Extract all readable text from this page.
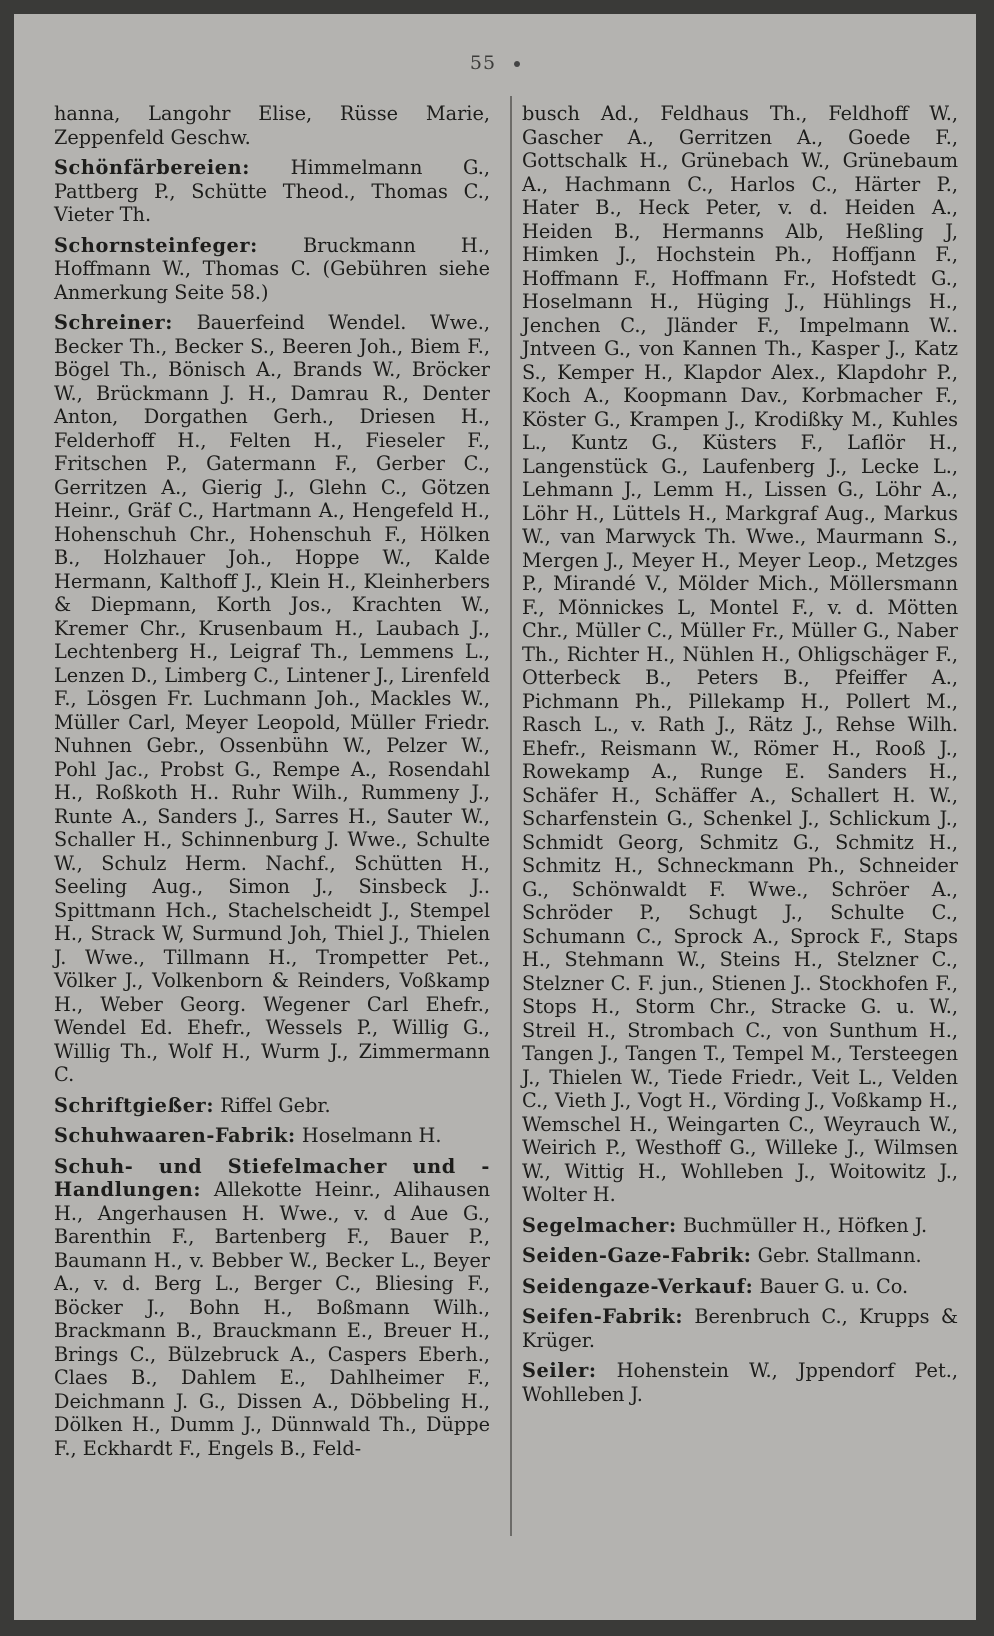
55

hanna, Langohr Elise, Rüsse Marie, Zeppenfeld Geschw.

Schönfärbereien: Himmelmann G., Pattberg P., Schütte Theod., Thomas C., Vieter Th.

Schornsteinfeger: Bruckmann H., Hoffmann W., Thomas C. (Gebühren siehe Anmerkung Seite 58.)

Schreiner: Bauerfeind Wendel. Wwe., Becker Th., Becker S., Beeren Joh., Biem F., Bögel Th., Bönisch A., Brands W., Bröcker W., Brückmann J. H., Damrau R., Denter Anton, Dorgathen Gerh., Driesen H., Felderhoff H., Felten H., Fieseler F., Fritschen P., Gatermann F., Gerber C., Gerritzen A., Gierig J., Glehn C., Götzen Heinr., Gräf C., Hartmann A., Hengefeld H., Hohenschuh Chr., Hohenschuh F., Hölken B., Holzhauer Joh., Hoppe W., Kalde Hermann, Kalthoff J., Klein H., Kleinherbers & Diepmann, Korth Jos., Krachten W., Kremer Chr., Krusenbaum H., Laubach J., Lechtenberg H., Leigraf Th., Lemmens L., Lenzen D., Limberg C., Lintener J., Lirenfeld F., Lösgen Fr. Luchmann Joh., Mackles W., Müller Carl, Meyer Leopold, Müller Friedr. Nuhnen Gebr., Ossenbühn W., Pelzer W., Pohl Jac., Probst G., Rempe A., Rosendahl H., Roßkoth H.. Ruhr Wilh., Rummeny J., Runte A., Sanders J., Sarres H., Sauter W., Schaller H., Schinnenburg J. Wwe., Schulte W., Schulz Herm. Nachf., Schütten H., Seeling Aug., Simon J., Sinsbeck J.. Spittmann Hch., Stachelscheidt J., Stempel H., Strack W, Surmund Joh, Thiel J., Thielen J. Wwe., Tillmann H., Trompetter Pet., Völker J., Volkenborn & Reinders, Voßkamp H., Weber Georg. Wegener Carl Ehefr., Wendel Ed. Ehefr., Wessels P., Willig G., Willig Th., Wolf H., Wurm J., Zimmermann C.

Schriftgießer: Riffel Gebr.

Schuhwaaren-Fabrik: Hoselmann H.

Schuh- und Stiefelmacher und -Handlungen: Allekotte Heinr., Alihausen H., Angerhausen H. Wwe., v. d Aue G., Barenthin F., Bartenberg F., Bauer P., Baumann H., v. Bebber W., Becker L., Beyer A., v. d. Berg L., Berger C., Bliesing F., Böcker J., Bohn H., Boßmann Wilh., Brackmann B., Brauckmann E., Breuer H., Brings C., Bülzebruck A., Caspers Eberh., Claes B., Dahlem E., Dahlheimer F., Deichmann J. G., Dissen A., Döbbeling H., Dölken H., Dumm J., Dünnwald Th., Düppe F., Eckhardt F., Engels B., Feld-

busch Ad., Feldhaus Th., Feldhoff W., Gascher A., Gerritzen A., Goede F., Gottschalk H., Grünebach W., Grünebaum A., Hachmann C., Harlos C., Härter P., Hater B., Heck Peter, v. d. Heiden A., Heiden B., Hermanns Alb, Heßling J, Himken J., Hochstein Ph., Hoffjann F., Hoffmann F., Hoffmann Fr., Hofstedt G., Hoselmann H., Hüging J., Hühlings H., Jenchen C., Jländer F., Impelmann W.. Jntveen G., von Kannen Th., Kasper J., Katz S., Kemper H., Klapdor Alex., Klapdohr P., Koch A., Koopmann Dav., Korbmacher F., Köster G., Krampen J., Krodißky M., Kuhles L., Kuntz G., Küsters F., Laflör H., Langenstück G., Laufenberg J., Lecke L., Lehmann J., Lemm H., Lissen G., Löhr A., Löhr H., Lüttels H., Markgraf Aug., Markus W., van Marwyck Th. Wwe., Maurmann S., Mergen J., Meyer H., Meyer Leop., Metzges P., Mirandé V., Mölder Mich., Möllersmann F., Mönnickes L, Montel F., v. d. Mötten Chr., Müller C., Müller Fr., Müller G., Naber Th., Richter H., Nühlen H., Ohligschäger F., Otterbeck B., Peters B., Pfeiffer A., Pichmann Ph., Pillekamp H., Pollert M., Rasch L., v. Rath J., Rätz J., Rehse Wilh. Ehefr., Reismann W., Römer H., Rooß J., Rowekamp A., Runge E. Sanders H., Schäfer H., Schäffer A., Schallert H. W., Scharfenstein G., Schenkel J., Schlickum J., Schmidt Georg, Schmitz G., Schmitz H., Schmitz H., Schneckmann Ph., Schneider G., Schönwaldt F. Wwe., Schröer A., Schröder P., Schugt J., Schulte C., Schumann C., Sprock A., Sprock F., Staps H., Stehmann W., Steins H., Stelzner C., Stelzner C. F. jun., Stienen J.. Stockhofen F., Stops H., Storm Chr., Stracke G. u. W., Streil H., Strombach C., von Sunthum H., Tangen J., Tangen T., Tempel M., Tersteegen J., Thielen W., Tiede Friedr., Veit L., Velden C., Vieth J., Vogt H., Vörding J., Voßkamp H., Wemschel H., Weingarten C., Weyrauch W., Weirich P., Westhoff G., Willeke J., Wilmsen W., Wittig H., Wohlleben J., Woitowitz J., Wolter H.

Segelmacher: Buchmüller H., Höfken J.

Seiden-Gaze-Fabrik: Gebr. Stallmann.

Seidengaze-Verkauf: Bauer G. u. Co.

Seifen-Fabrik: Berenbruch C., Krupps & Krüger.

Seiler: Hohenstein W., Jppendorf Pet., Wohlleben J.
